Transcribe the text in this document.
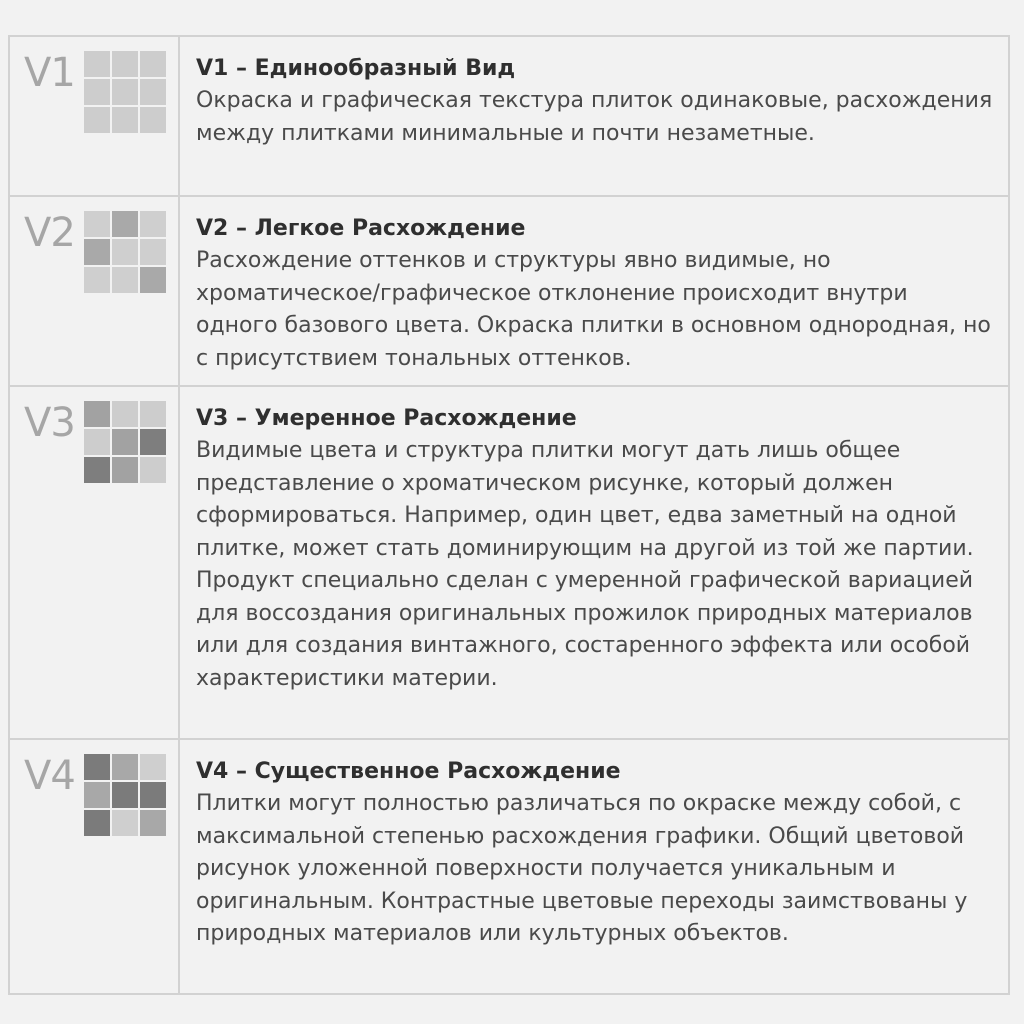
V1	V1 – Единообразный Вид

Окраска и графическая текстура плиток одинаковые, расхождения между плитками минимальные и почти незаметные.

V2	V2 – Легкое Расхождение

Расхождение оттенков и структуры явно видимые, но хроматическое/графическое отклонение происходит внутри одного базового цвета. Окраска плитки в основном однородная, но с присутствием тональных оттенков.

V3	V3 – Умеренное Расхождение

Видимые цвета и структура плитки могут дать лишь общее представление о хроматическом рисунке, который должен сформироваться. Например, один цвет, едва заметный на одной плитке, может стать доминирующим на другой из той же партии.

Продукт специально сделан с умеренной графической вариацией для воссоздания оригинальных прожилок природных материалов или для создания винтажного, состаренного эффекта или особой характеристики материи.

V4	V4 – Существенное Расхождение

Плитки могут полностью различаться по окраске между собой, с максимальной степенью расхождения графики. Общий цветовой рисунок уложенной поверхности получается уникальным и оригинальным. Контрастные цветовые переходы заимствованы у природных материалов или культурных объектов.
